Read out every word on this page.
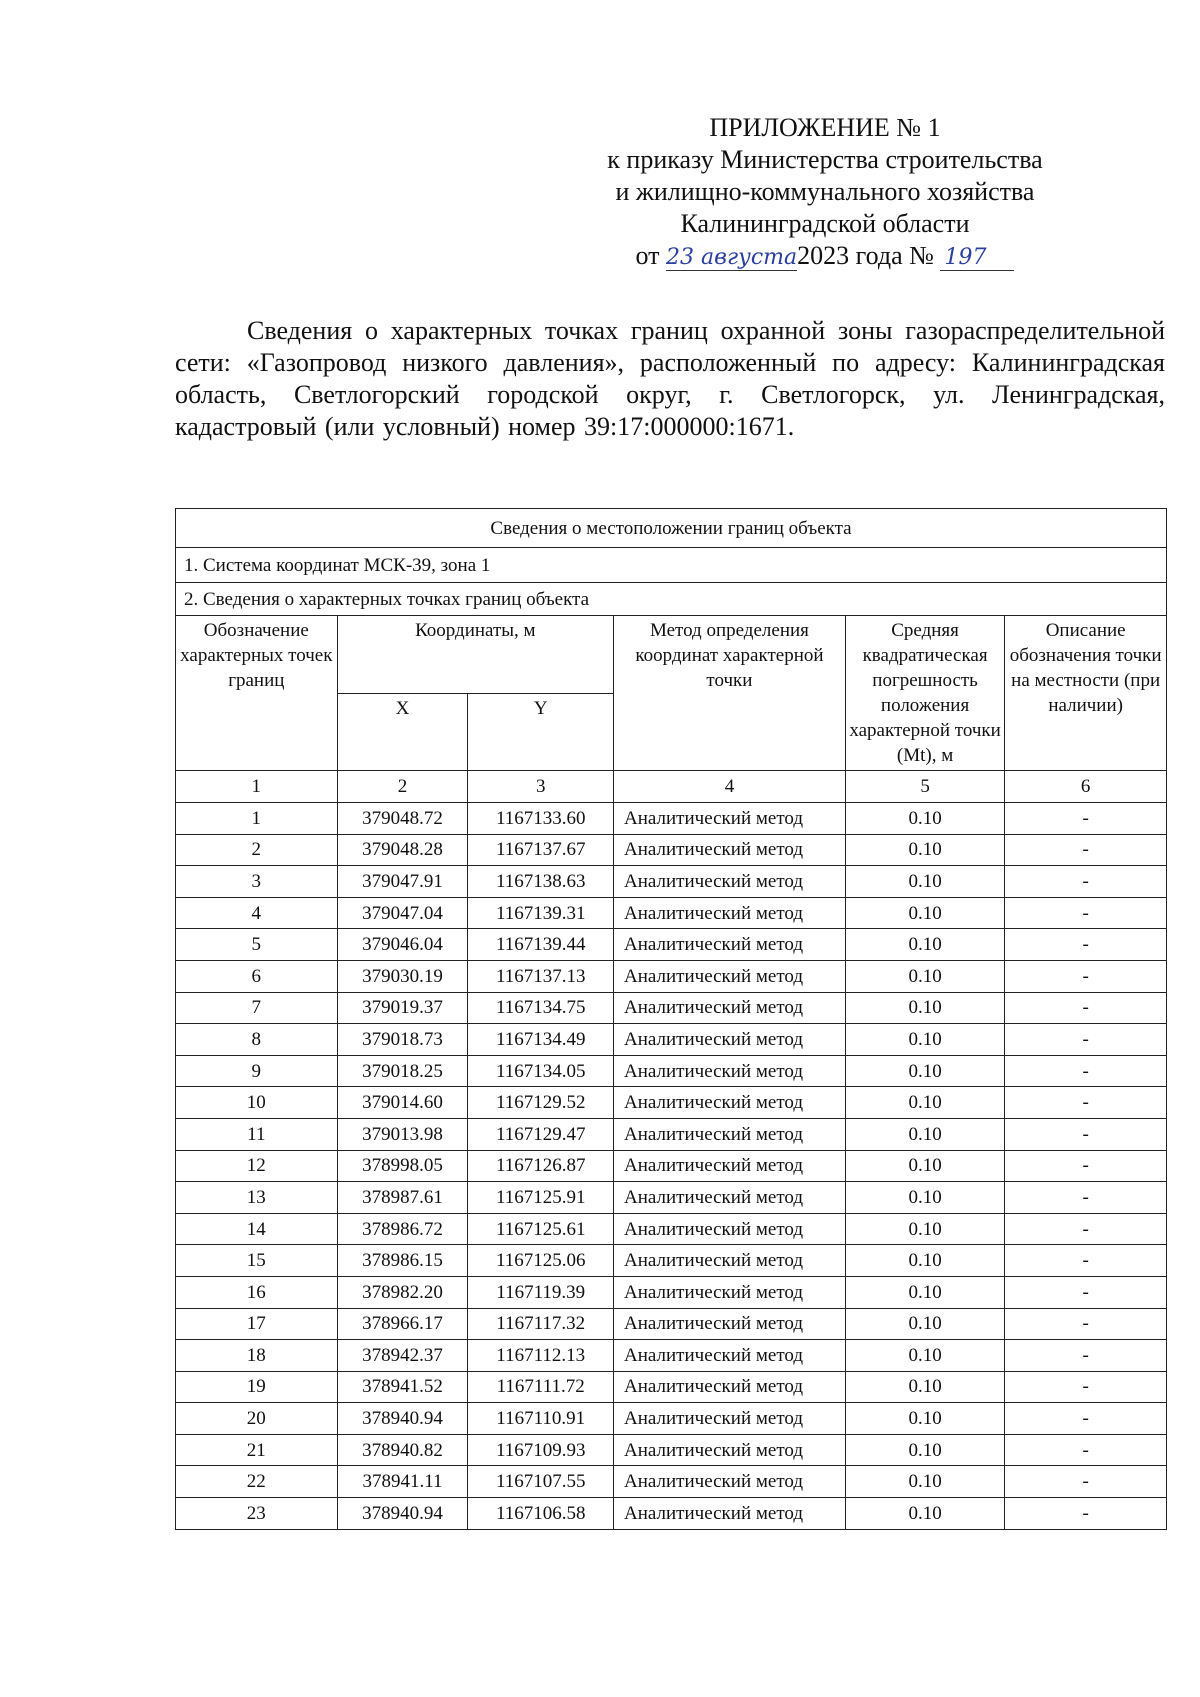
ПРИЛОЖЕНИЕ № 1
к приказу Министерства строительства
и жилищно-коммунального хозяйства
Калининградской области
от 23 августа2023 года № 197
Сведения о характерных точках границ охранной зоны газораспределительной сети: «Газопровод низкого давления», расположенный по адресу: Калининградская область, Светлогорский городской округ, г. Светлогорск, ул. Ленинградская, кадастровый (или условный) номер 39:17:000000:1671.
Сведения о местоположении границ объекта					
1. Система координат МСК-39, зона 1					
2. Сведения о характерных точках границ объекта					
Обозначение характерных точек границ	Координаты, м		Метод определения координат характерной точки	Средняя квадратическая погрешность положения характерной точки (Mt), м	Описание обозначения точки на местности (при наличии)
	X	Y			
1	2	3	4	5	6
1	379048.72	1167133.60	Аналитический метод	0.10	-
2	379048.28	1167137.67	Аналитический метод	0.10	-
3	379047.91	1167138.63	Аналитический метод	0.10	-
4	379047.04	1167139.31	Аналитический метод	0.10	-
5	379046.04	1167139.44	Аналитический метод	0.10	-
6	379030.19	1167137.13	Аналитический метод	0.10	-
7	379019.37	1167134.75	Аналитический метод	0.10	-
8	379018.73	1167134.49	Аналитический метод	0.10	-
9	379018.25	1167134.05	Аналитический метод	0.10	-
10	379014.60	1167129.52	Аналитический метод	0.10	-
11	379013.98	1167129.47	Аналитический метод	0.10	-
12	378998.05	1167126.87	Аналитический метод	0.10	-
13	378987.61	1167125.91	Аналитический метод	0.10	-
14	378986.72	1167125.61	Аналитический метод	0.10	-
15	378986.15	1167125.06	Аналитический метод	0.10	-
16	378982.20	1167119.39	Аналитический метод	0.10	-
17	378966.17	1167117.32	Аналитический метод	0.10	-
18	378942.37	1167112.13	Аналитический метод	0.10	-
19	378941.52	1167111.72	Аналитический метод	0.10	-
20	378940.94	1167110.91	Аналитический метод	0.10	-
21	378940.82	1167109.93	Аналитический метод	0.10	-
22	378941.11	1167107.55	Аналитический метод	0.10	-
23	378940.94	1167106.58	Аналитический метод	0.10	-
